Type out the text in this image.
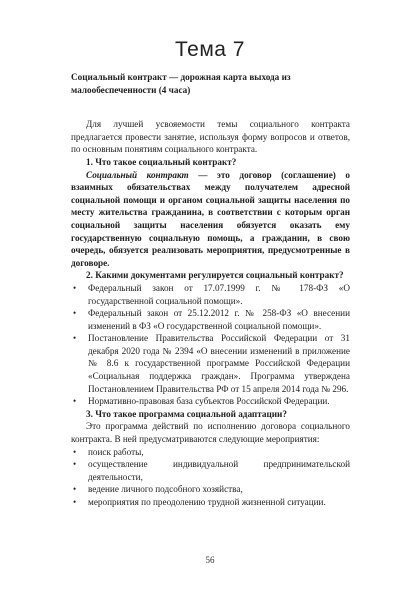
Тема 7

Социальный контракт — дорожная карта выхода из малообеспеченности (4 часа)

Для лучшей усвояемости темы социального контракта предлагается провести занятие, используя форму вопросов и ответов, по основным понятиям социального контракта.

1. Что такое социальный контракт?

Социальный контракт — это договор (соглашение) о взаимных обязательствах между получателем адресной социальной помощи и органом социальной защиты населения по месту жительства гражданина, в соответствии с которым орган социальной защиты населения обязуется оказать ему государственную социальную помощь, а гражданин, в свою очередь, обязуется реализовать мероприятия, предусмотренные в договоре.

2. Какими документами регулируется социальный контракт?

• Федеральный закон от 17.07.1999 г. № 178-ФЗ «О государственной социальной помощи».
• Федеральный закон от 25.12.2012 г. № 258-ФЗ «О внесении изменений в ФЗ «О государственной социальной помощи».
• Постановление Правительства Российской Федерации от 31 декабря 2020 года № 2394 «О внесении изменений в приложение № 8.6 к государственной программе Российской Федерации «Социальная поддержка граждан». Программа утверждена Постановлением Правительства РФ от 15 апреля 2014 года № 296.
• Нормативно-правовая база субъектов Российской Федерации.

3. Что такое программа социальной адаптации?

Это программа действий по исполнению договора социального контракта. В ней предусматриваются следующие мероприятия:

• поиск работы,
• осуществление индивидуальной предпринимательской деятельности,
• ведение личного подсобного хозяйства,
• мероприятия по преодолению трудной жизненной ситуации.
56
